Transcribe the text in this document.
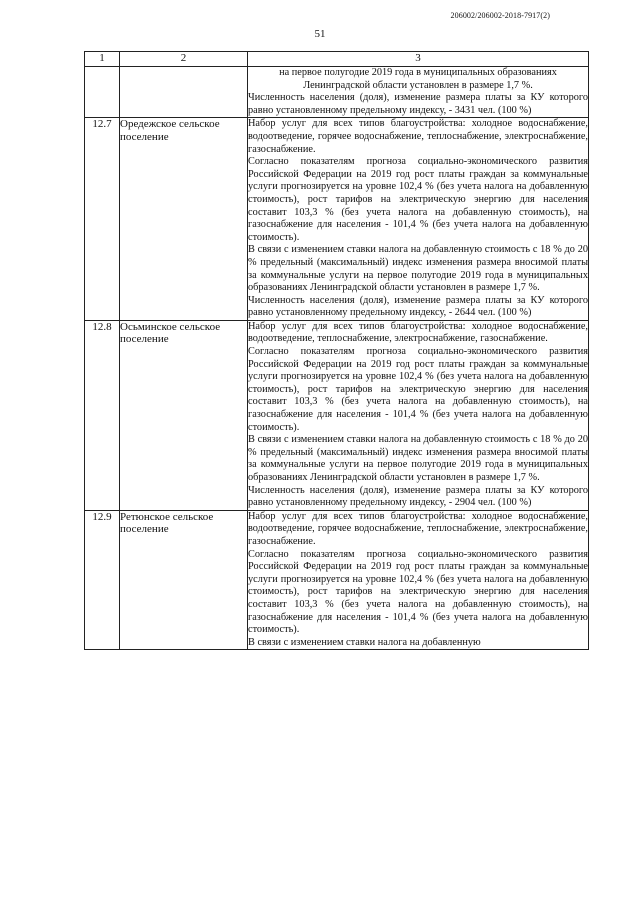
206002/206002-2018-7917(2)
51
1	2	3

		на первое полугодие 2019 года в муниципальных образованиях

Ленинградской области установлен в размере 1,7 %.

Численность населения (доля), изменение размера платы за КУ которого равно установленному предельному индексу, - 3431 чел. (100 %)

12.7	Оредежское сельское поселение	Набор услуг для всех типов благоустройства: холодное водоснабжение, водоотведение, горячее водоснабжение, теплоснабжение, электроснабжение, газоснабжение.

Согласно показателям прогноза социально-экономического развития Российской Федерации на 2019 год рост платы граждан за коммунальные услуги прогнозируется на уровне 102,4 % (без учета налога на добавленную стоимость), рост тарифов на электрическую энергию для населения составит 103,3 % (без учета налога на добавленную стоимость), на газоснабжение для населения - 101,4 % (без учета налога на добавленную стоимость).

В связи с изменением ставки налога на добавленную стоимость с 18 % до 20 % предельный (максимальный) индекс изменения размера вносимой платы за коммунальные услуги на первое полугодие 2019 года в муниципальных образованиях Ленинградской области установлен в размере 1,7 %.

Численность населения (доля), изменение размера платы за КУ которого равно установленному предельному индексу, - 2644 чел. (100 %)

12.8	Осьминское сельское поселение	Набор услуг для всех типов благоустройства: холодное водоснабжение, водоотведение, теплоснабжение, электроснабжение, газоснабжение.

Согласно показателям прогноза социально-экономического развития Российской Федерации на 2019 год рост платы граждан за коммунальные услуги прогнозируется на уровне 102,4 % (без учета налога на добавленную стоимость), рост тарифов на электрическую энергию для населения составит 103,3 % (без учета налога на добавленную стоимость), на газоснабжение для населения - 101,4 % (без учета налога на добавленную стоимость).

В связи с изменением ставки налога на добавленную стоимость с 18 % до 20 % предельный (максимальный) индекс изменения размера вносимой платы за коммунальные услуги на первое полугодие 2019 года в муниципальных образованиях Ленинградской области установлен в размере 1,7 %.

Численность населения (доля), изменение размера платы за КУ которого равно установленному предельному индексу, - 2904 чел. (100 %)

12.9	Ретюнское сельское поселение	Набор услуг для всех типов благоустройства: холодное водоснабжение, водоотведение, горячее водоснабжение, теплоснабжение, электроснабжение, газоснабжение.

Согласно показателям прогноза социально-экономического развития Российской Федерации на 2019 год рост платы граждан за коммунальные услуги прогнозируется на уровне 102,4 % (без учета налога на добавленную стоимость), рост тарифов на электрическую энергию для населения составит 103,3 % (без учета налога на добавленную стоимость), на газоснабжение для населения - 101,4 % (без учета налога на добавленную стоимость).

В связи с изменением ставки налога на добавленную
